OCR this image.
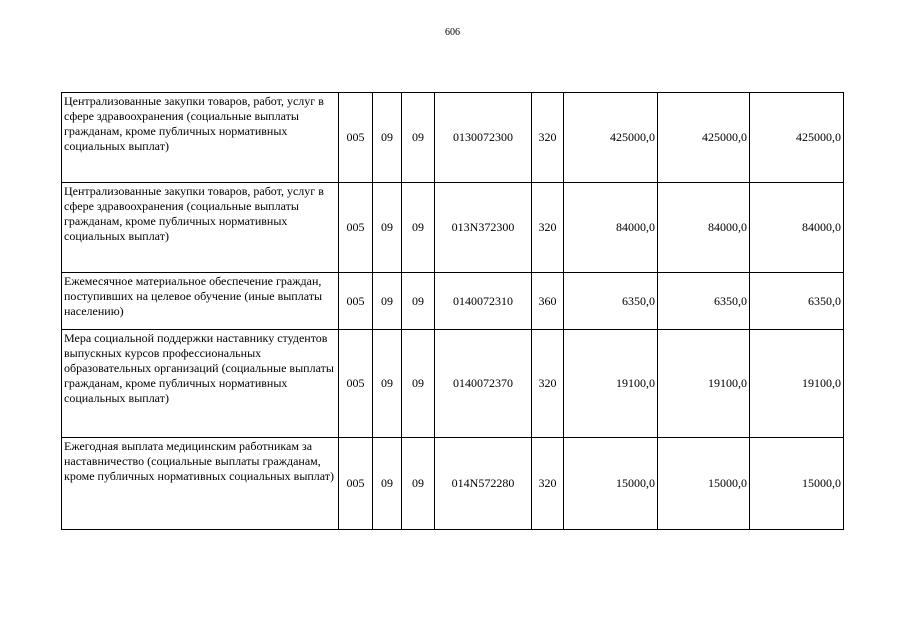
606
Централизованные закупки товаров, работ, услуг в сфере здравоохранения (социальные выплаты гражданам, кроме публичных нормативных социальных выплат)	005	09	09	0130072300	320	425000,0	425000,0	425000,0
Централизованные закупки товаров, работ, услуг в сфере здравоохранения (социальные выплаты гражданам, кроме публичных нормативных социальных выплат)	005	09	09	013N372300	320	84000,0	84000,0	84000,0
Ежемесячное материальное обеспечение граждан, поступивших на целевое обучение (иные выплаты населению)	005	09	09	0140072310	360	6350,0	6350,0	6350,0
Мера социальной поддержки наставнику студентов выпускных курсов профессиональных образовательных организаций (социальные выплаты гражданам, кроме публичных нормативных социальных выплат)	005	09	09	0140072370	320	19100,0	19100,0	19100,0
Ежегодная выплата медицинским работникам за наставничество (социальные выплаты гражданам, кроме публичных нормативных социальных выплат)	005	09	09	014N572280	320	15000,0	15000,0	15000,0
